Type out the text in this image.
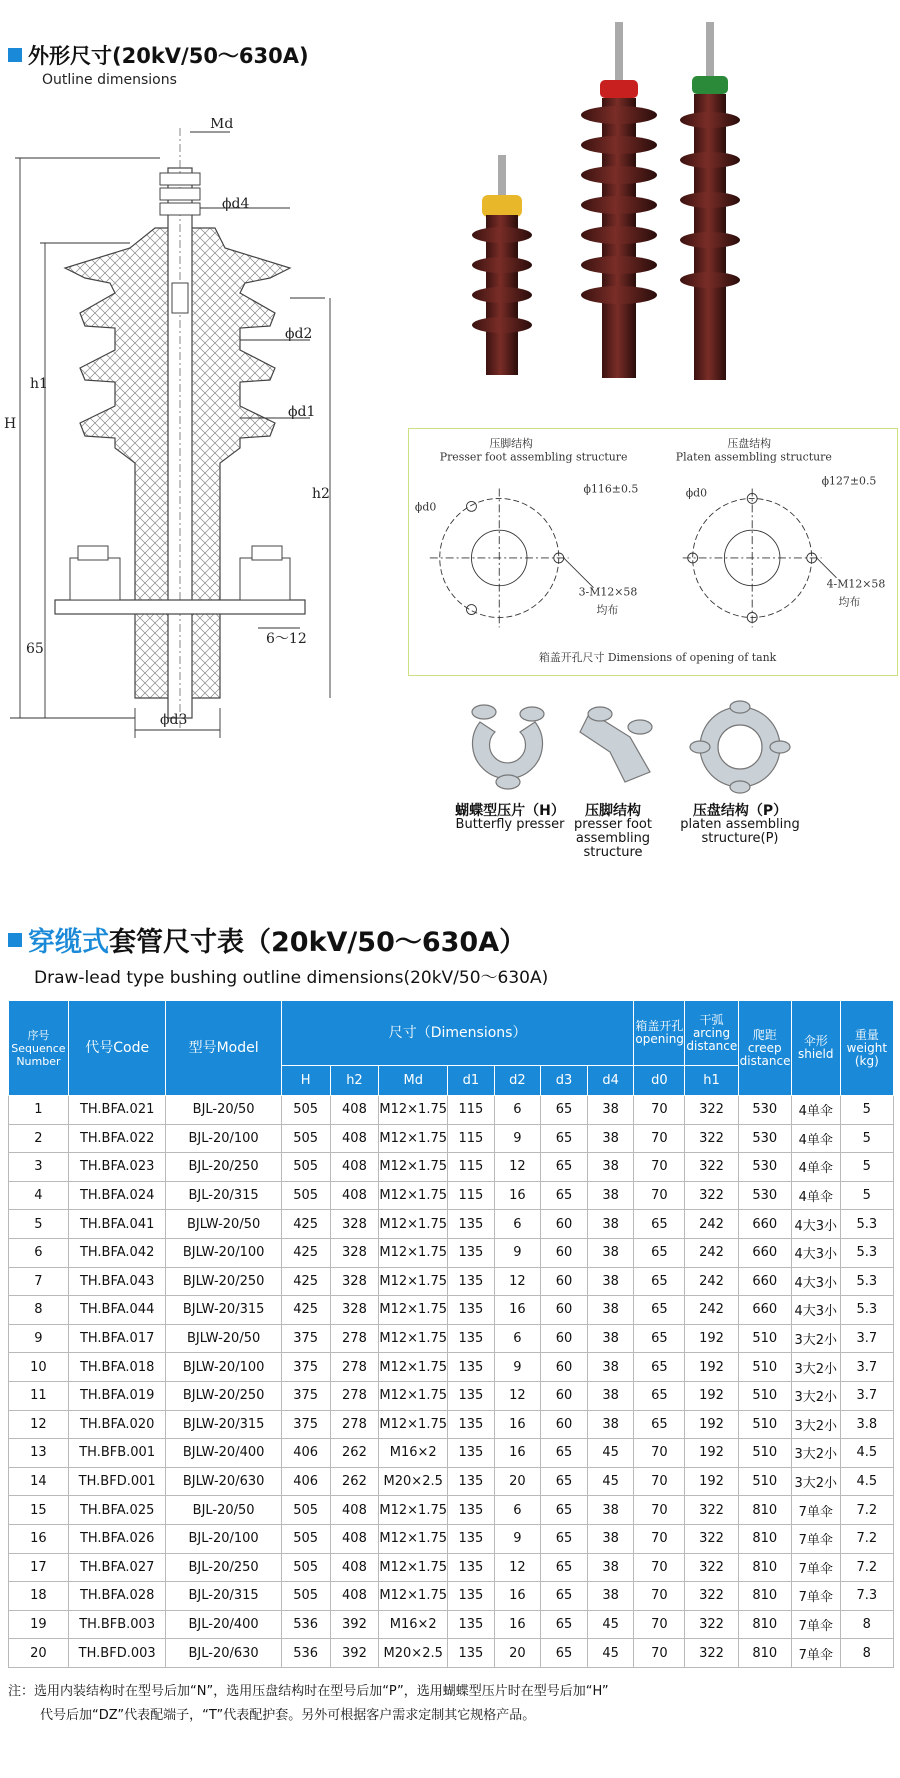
外形尺寸(20kV/50～630A)
Outline dimensions
Md
ϕd4
ϕd2
ϕd1
ϕd3
H
h1
h2
65
6～12
压脚结构
Presser foot assembling structure
压盘结构
Platen assembling structure
ϕ116±0.5
ϕ127±0.5
ϕd0
ϕd0
3-M12×58
均布
4-M12×58
均布
箱盖开孔尺寸 Dimensions of opening of tank
蝴蝶型压片（H）
Butterfly presser
压脚结构
presser foot assembling structure
压盘结构（P）
platen assembling structure(P)
穿缆式套管尺寸表（20kV/50～630A）
Draw-lead type bushing outline dimensions(20kV/50～630A)
序号 Sequence Number	代号Code	型号Model	尺寸（Dimensions）							箱盖开孔 opening	干弧 arcing distance	爬距 creep distance	伞形 shield	重量 weight (kg)
			H	h2	Md	d1	d2	d3	d4	d0	h1			
1	TH.BFA.021	BJL-20/50	505	408	M12×1.75	115	6	65	38	70	322	530	4单伞	5
2	TH.BFA.022	BJL-20/100	505	408	M12×1.75	115	9	65	38	70	322	530	4单伞	5
3	TH.BFA.023	BJL-20/250	505	408	M12×1.75	115	12	65	38	70	322	530	4单伞	5
4	TH.BFA.024	BJL-20/315	505	408	M12×1.75	115	16	65	38	70	322	530	4单伞	5
5	TH.BFA.041	BJLW-20/50	425	328	M12×1.75	135	6	60	38	65	242	660	4大3小	5.3
6	TH.BFA.042	BJLW-20/100	425	328	M12×1.75	135	9	60	38	65	242	660	4大3小	5.3
7	TH.BFA.043	BJLW-20/250	425	328	M12×1.75	135	12	60	38	65	242	660	4大3小	5.3
8	TH.BFA.044	BJLW-20/315	425	328	M12×1.75	135	16	60	38	65	242	660	4大3小	5.3
9	TH.BFA.017	BJLW-20/50	375	278	M12×1.75	135	6	60	38	65	192	510	3大2小	3.7
10	TH.BFA.018	BJLW-20/100	375	278	M12×1.75	135	9	60	38	65	192	510	3大2小	3.7
11	TH.BFA.019	BJLW-20/250	375	278	M12×1.75	135	12	60	38	65	192	510	3大2小	3.7
12	TH.BFA.020	BJLW-20/315	375	278	M12×1.75	135	16	60	38	65	192	510	3大2小	3.8
13	TH.BFB.001	BJLW-20/400	406	262	M16×2	135	16	65	45	70	192	510	3大2小	4.5
14	TH.BFD.001	BJLW-20/630	406	262	M20×2.5	135	20	65	45	70	192	510	3大2小	4.5
15	TH.BFA.025	BJL-20/50	505	408	M12×1.75	135	6	65	38	70	322	810	7单伞	7.2
16	TH.BFA.026	BJL-20/100	505	408	M12×1.75	135	9	65	38	70	322	810	7单伞	7.2
17	TH.BFA.027	BJL-20/250	505	408	M12×1.75	135	12	65	38	70	322	810	7单伞	7.2
18	TH.BFA.028	BJL-20/315	505	408	M12×1.75	135	16	65	38	70	322	810	7单伞	7.3
19	TH.BFB.003	BJL-20/400	536	392	M16×2	135	16	65	45	70	322	810	7单伞	8
20	TH.BFD.003	BJL-20/630	536	392	M20×2.5	135	20	65	45	70	322	810	7单伞	8
注：选用内装结构时在型号后加“N”，选用压盘结构时在型号后加“P”，选用蝴蝶型压片时在型号后加“H”
代号后加“DZ”代表配端子，“T”代表配护套。另外可根据客户需求定制其它规格产品。
